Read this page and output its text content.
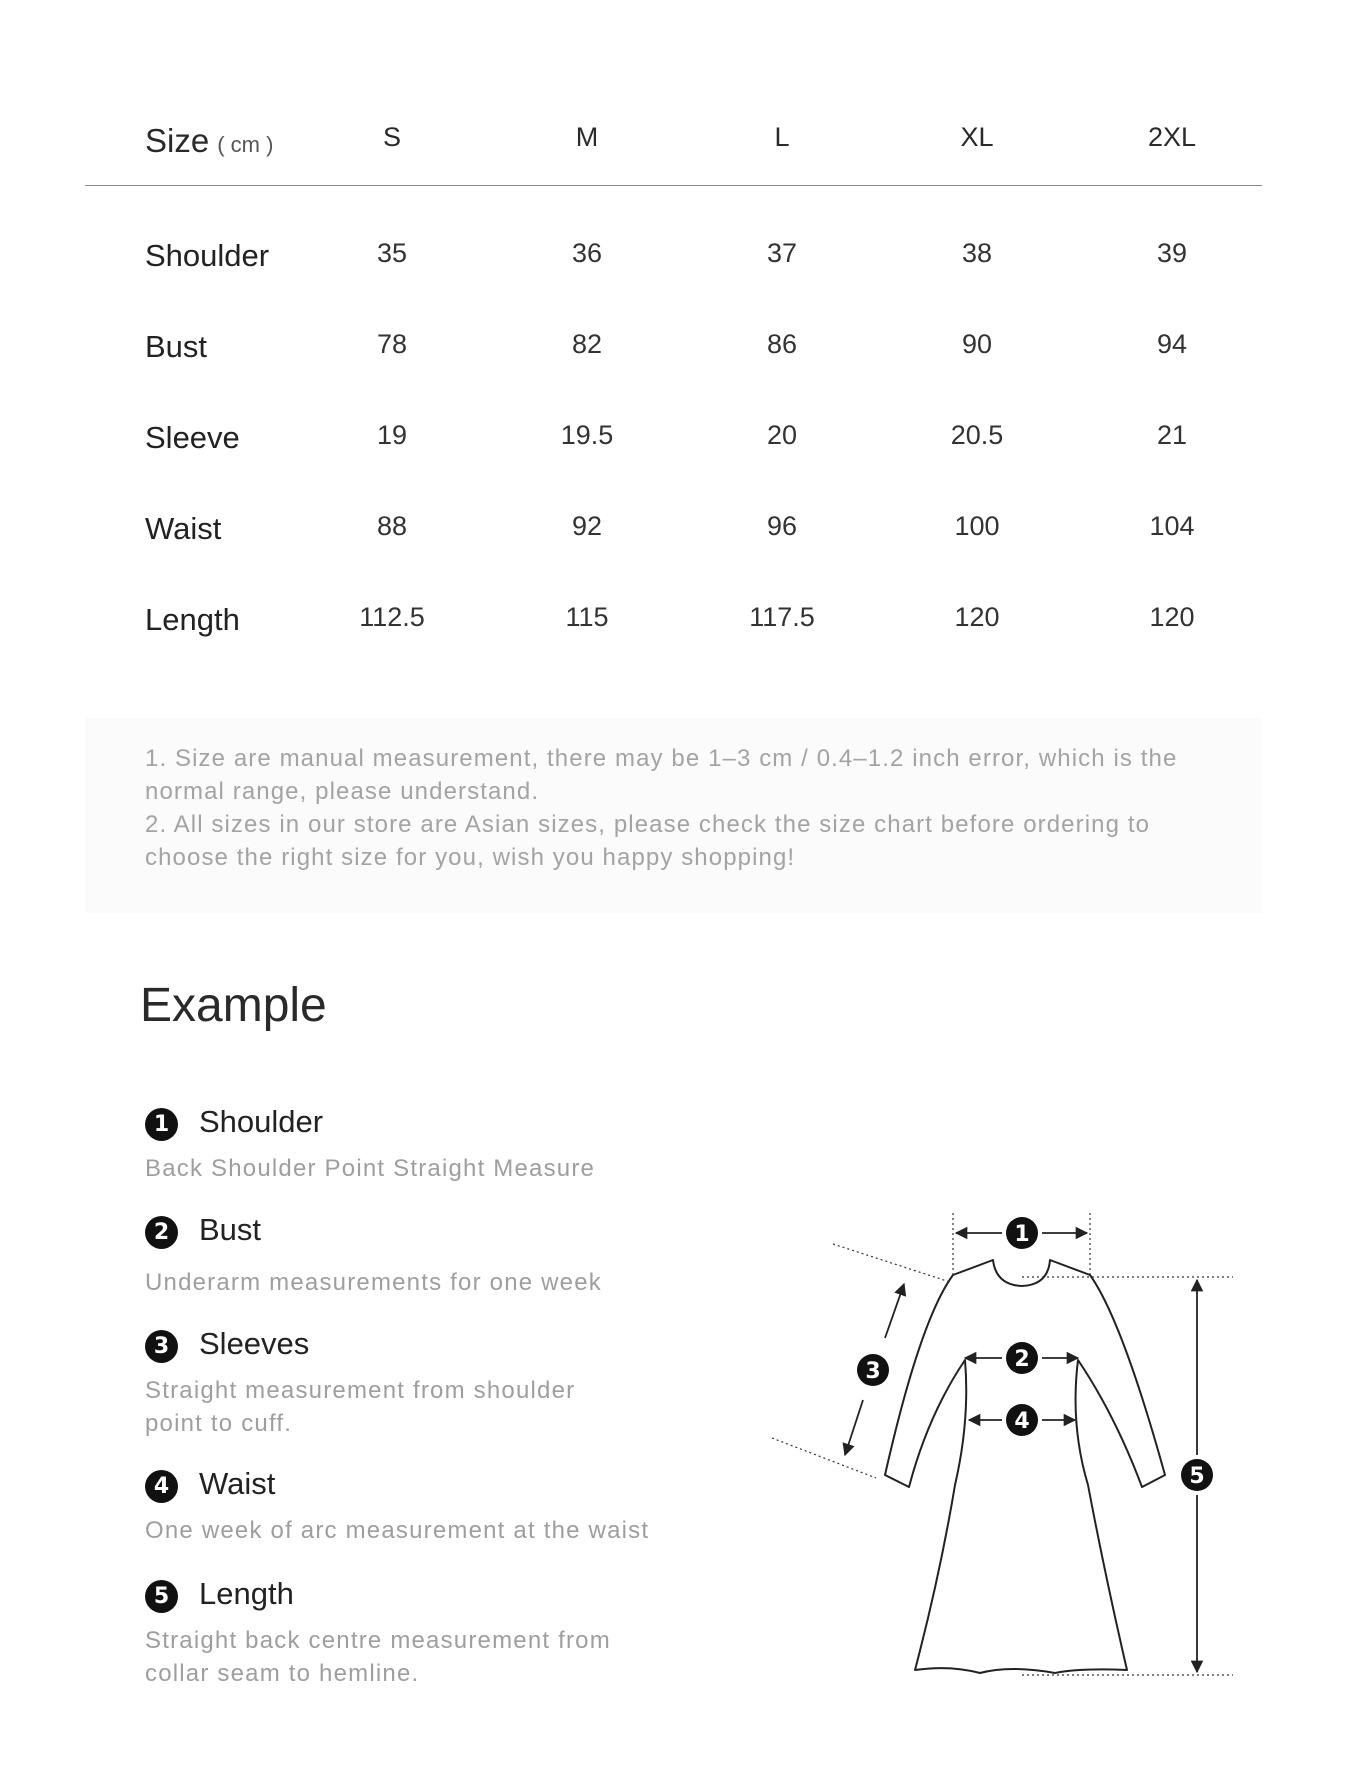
Size ( cm )	S	M	L	XL	2XL
Shoulder	35	36	37	38	39
Bust	78	82	86	90	94
Sleeve	19	19.5	20	20.5	21
Waist	88	92	96	100	104
Length	112.5	115	117.5	120	120

1. Size are manual measurement, there may be 1–3 cm / 0.4–1.2 inch error, which is the normal range, please understand.

2. All sizes in our store are Asian sizes, please check the size chart before ordering to choose the right size for you, wish you happy shopping!

Example
1 Shoulder
Back Shoulder Point Straight Measure
2 Bust
Underarm measurements for one week
3 Sleeves
Straight measurement from shoulder point to cuff.
4 Waist
One week of arc measurement at the waist
5 Length
Straight back centre measurement from collar seam to hemline.
1
2
4
3
5
